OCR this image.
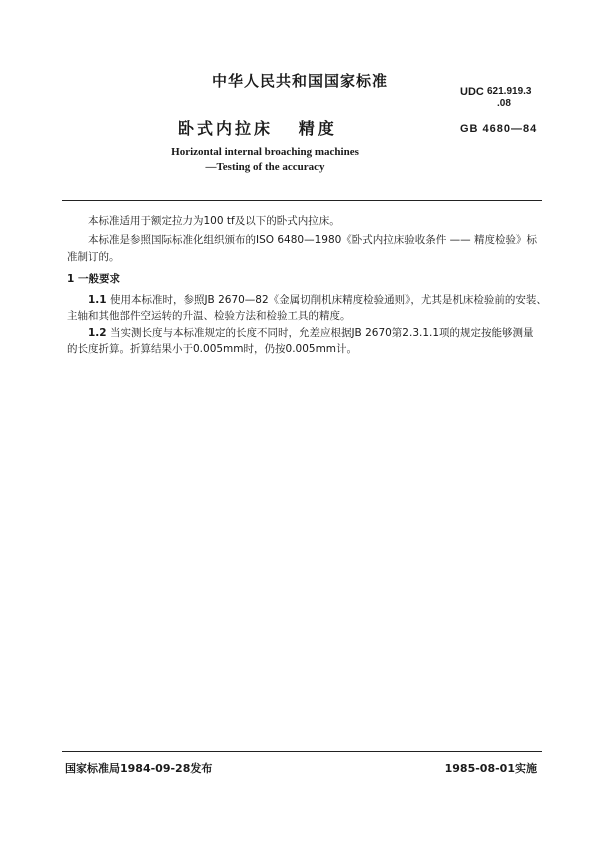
中华人民共和国国家标准
卧式内拉床   精度
Horizontal internal broaching machines
—Testing of the accuracy
UDC 621.919.3
.08
GB 4680—84
本标准适用于额定拉力为100 tf及以下的卧式内拉床。
本标准是参照国际标准化组织颁布的ISO 6480—1980《卧式内拉床验收条件 —— 精度检验》标
准制订的。
1 一般要求
1.1 使用本标准时，参照JB 2670—82《金属切削机床精度检验通则》，尤其是机床检验前的安装、
主轴和其他部件空运转的升温、检验方法和检验工具的精度。
1.2 当实测长度与本标准规定的长度不同时，允差应根据JB 2670第2.3.1.1项的规定按能够测量
的长度折算。折算结果小于0.005mm时，仍按0.005mm计。
国家标准局1984-09-28发布	1985-08-01实施
